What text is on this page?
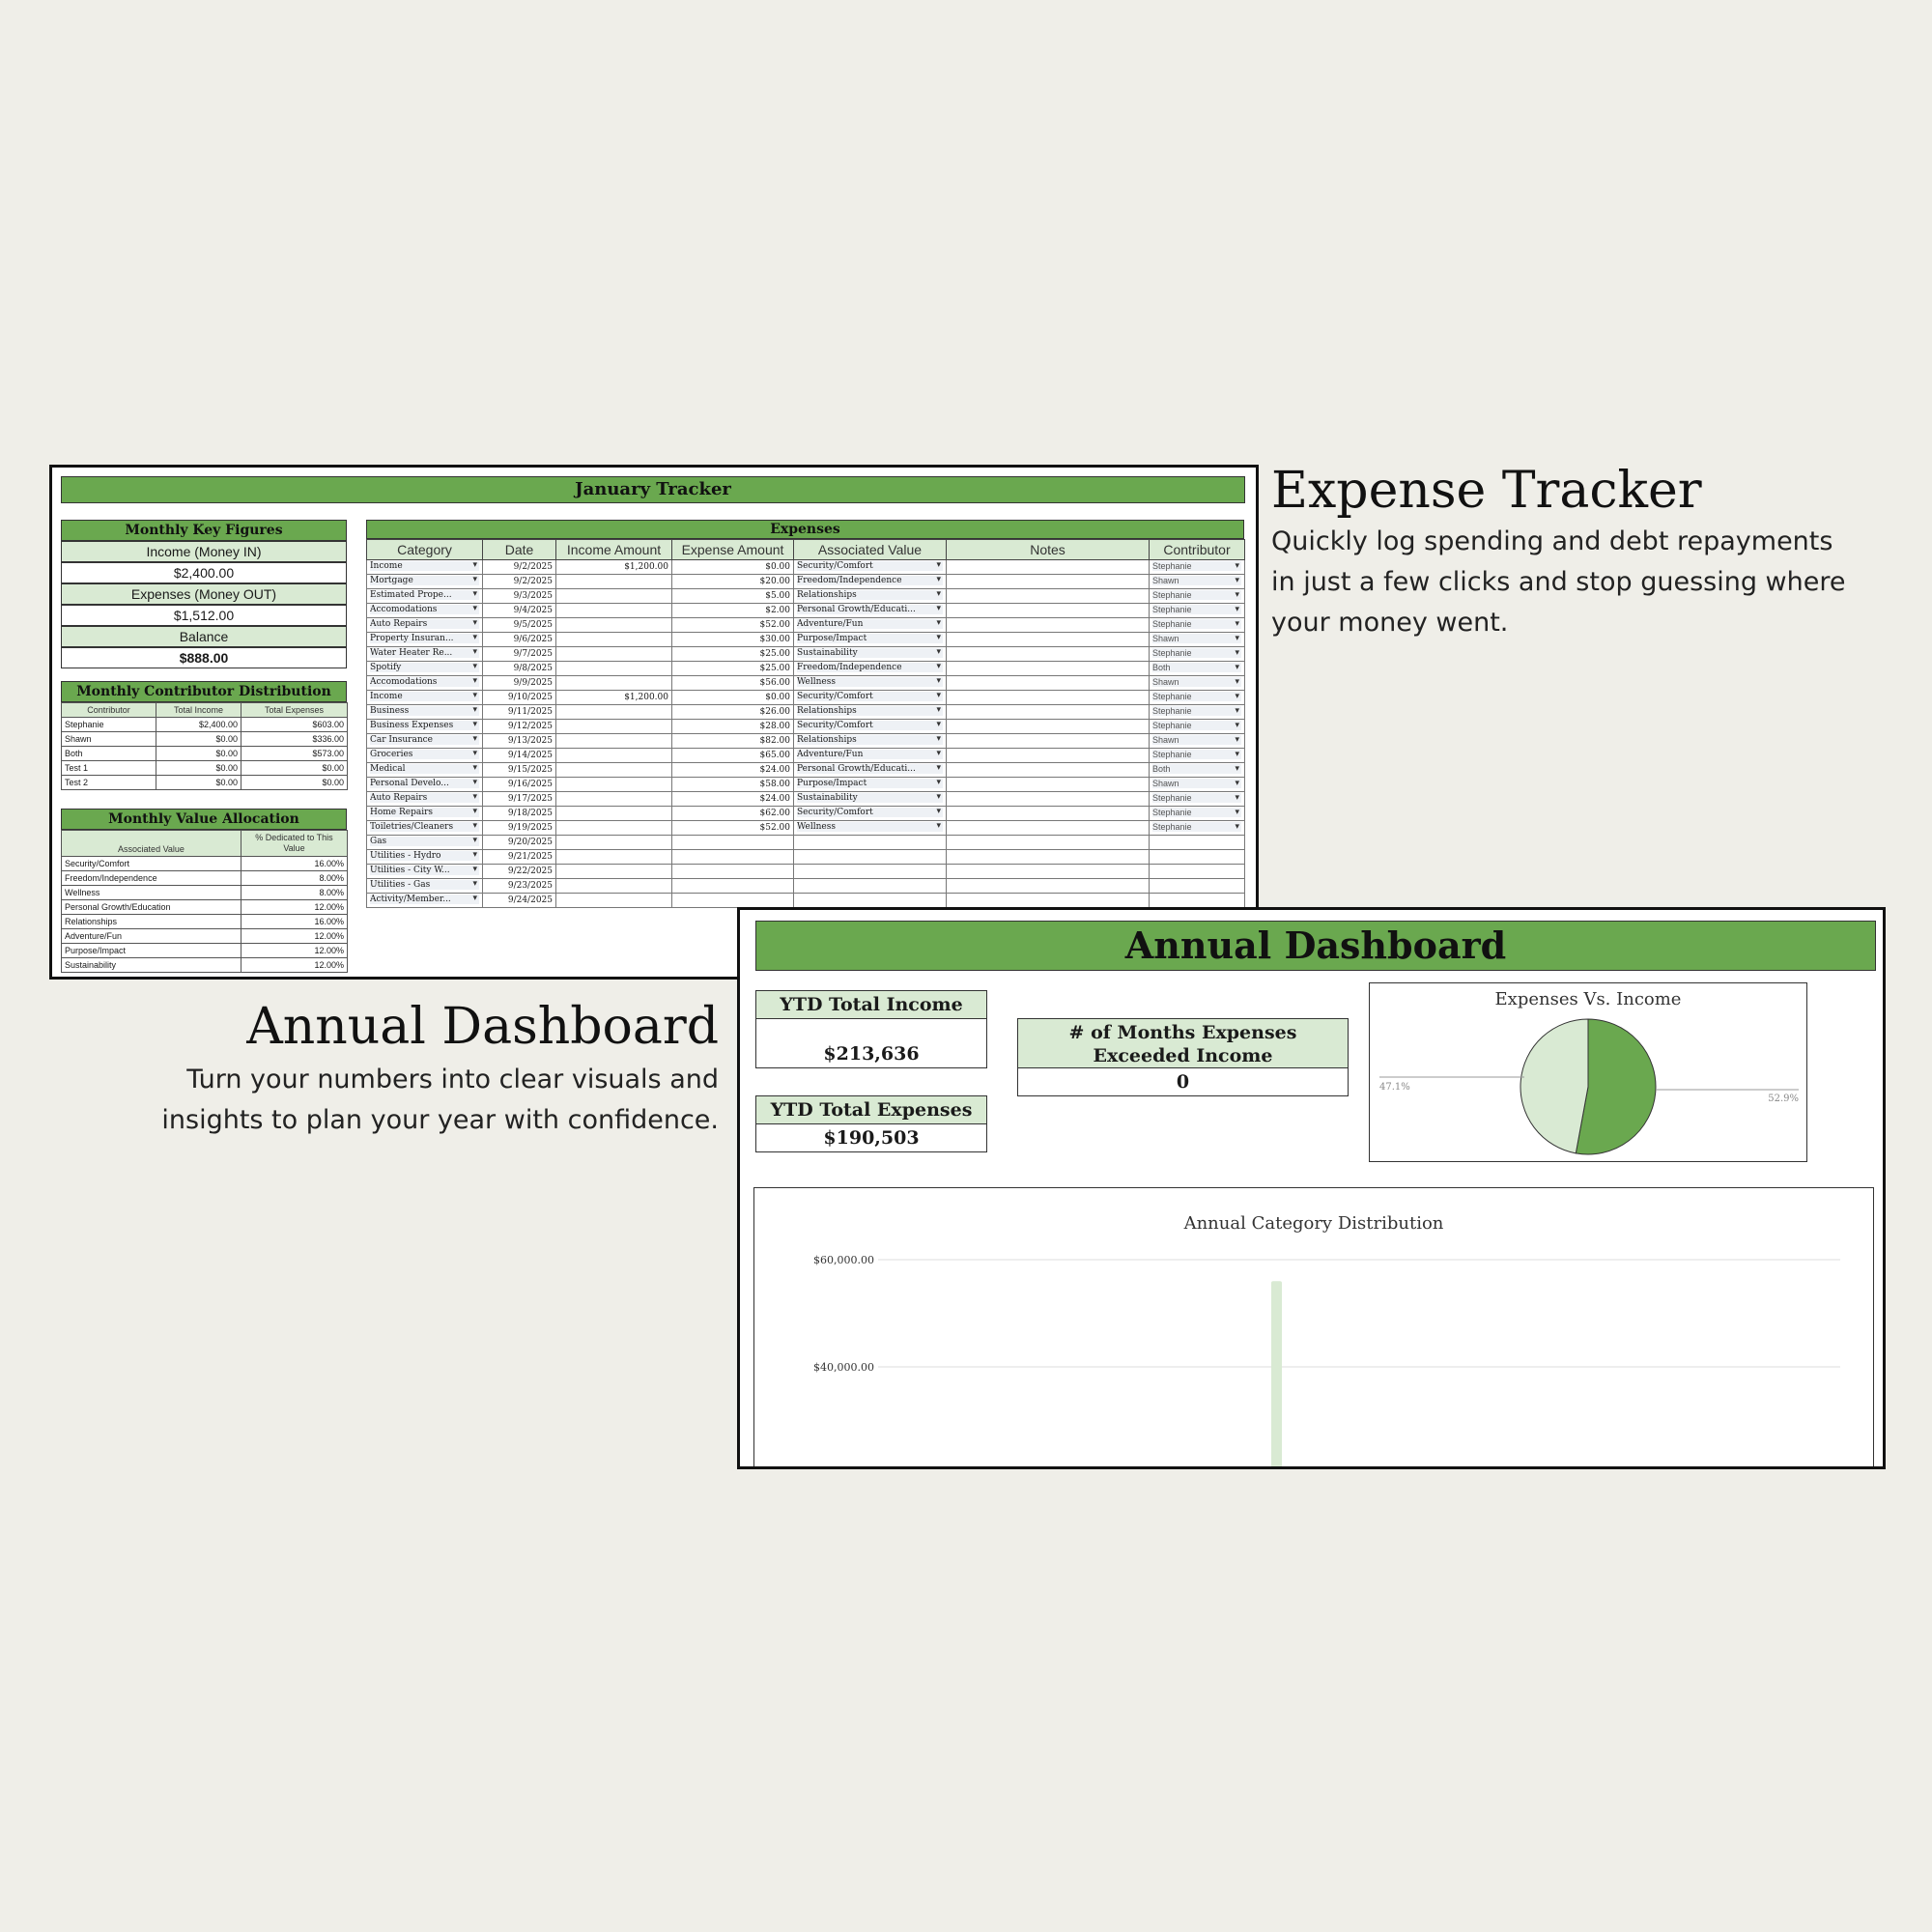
January Tracker
Monthly Key Figures
Income (Money IN)
$2,400.00
Expenses (Money OUT)
$1,512.00
Balance
$888.00
Monthly Contributor Distribution
Contributor	Total Income	Total Expenses
Stephanie	$2,400.00	$603.00
Shawn	$0.00	$336.00
Both	$0.00	$573.00
Test 1	$0.00	$0.00
Test 2	$0.00	$0.00
Monthly Value Allocation
Associated Value	% Dedicated to This Value
Security/Comfort	16.00%
Freedom/Independence	8.00%
Wellness	8.00%
Personal Growth/Education	12.00%
Relationships	16.00%
Adventure/Fun	12.00%
Purpose/Impact	12.00%
Sustainability	12.00%
Expenses
Category	Date	Income Amount	Expense Amount	Associated Value	Notes	Contributor
Income ▾	9/2/2025	$1,200.00	$0.00	Security/Comfort ▾		Stephanie ▾
Mortgage ▾	9/2/2025		$20.00	Freedom/Independence ▾		Shawn ▾
Estimated Prope... ▾	9/3/2025		$5.00	Relationships ▾		Stephanie ▾
Accomodations ▾	9/4/2025		$2.00	Personal Growth/Educati... ▾		Stephanie ▾
Auto Repairs ▾	9/5/2025		$52.00	Adventure/Fun ▾		Stephanie ▾
Property Insuran... ▾	9/6/2025		$30.00	Purpose/Impact ▾		Shawn ▾
Water Heater Re... ▾	9/7/2025		$25.00	Sustainability ▾		Stephanie ▾
Spotify ▾	9/8/2025		$25.00	Freedom/Independence ▾		Both ▾
Accomodations ▾	9/9/2025		$56.00	Wellness ▾		Shawn ▾
Income ▾	9/10/2025	$1,200.00	$0.00	Security/Comfort ▾		Stephanie ▾
Business ▾	9/11/2025		$26.00	Relationships ▾		Stephanie ▾
Business Expenses ▾	9/12/2025		$28.00	Security/Comfort ▾		Stephanie ▾
Car Insurance ▾	9/13/2025		$82.00	Relationships ▾		Shawn ▾
Groceries ▾	9/14/2025		$65.00	Adventure/Fun ▾		Stephanie ▾
Medical ▾	9/15/2025		$24.00	Personal Growth/Educati... ▾		Both ▾
Personal Develo... ▾	9/16/2025		$58.00	Purpose/Impact ▾		Shawn ▾
Auto Repairs ▾	9/17/2025		$24.00	Sustainability ▾		Stephanie ▾
Home Repairs ▾	9/18/2025		$62.00	Security/Comfort ▾		Stephanie ▾
Toiletries/Cleaners ▾	9/19/2025		$52.00	Wellness ▾		Stephanie ▾
Gas ▾	9/20/2025					
Utilities - Hydro ▾	9/21/2025					
Utilities - City W... ▾	9/22/2025					
Utilities - Gas ▾	9/23/2025					
Activity/Member... ▾	9/24/2025					
Expense Tracker
Quickly log spending and debt repayments in just a few clicks and stop guessing where your money went.
Annual Dashboard
Turn your numbers into clear visuals and insights to plan your year with confidence.
Annual Dashboard
YTD Total Income
$213,636
YTD Total Expenses
$190,503
# of Months Expenses Exceeded Income
0
Expenses Vs. Income
47.1%
52.9%
Annual Category Distribution
$60,000.00
$40,000.00
